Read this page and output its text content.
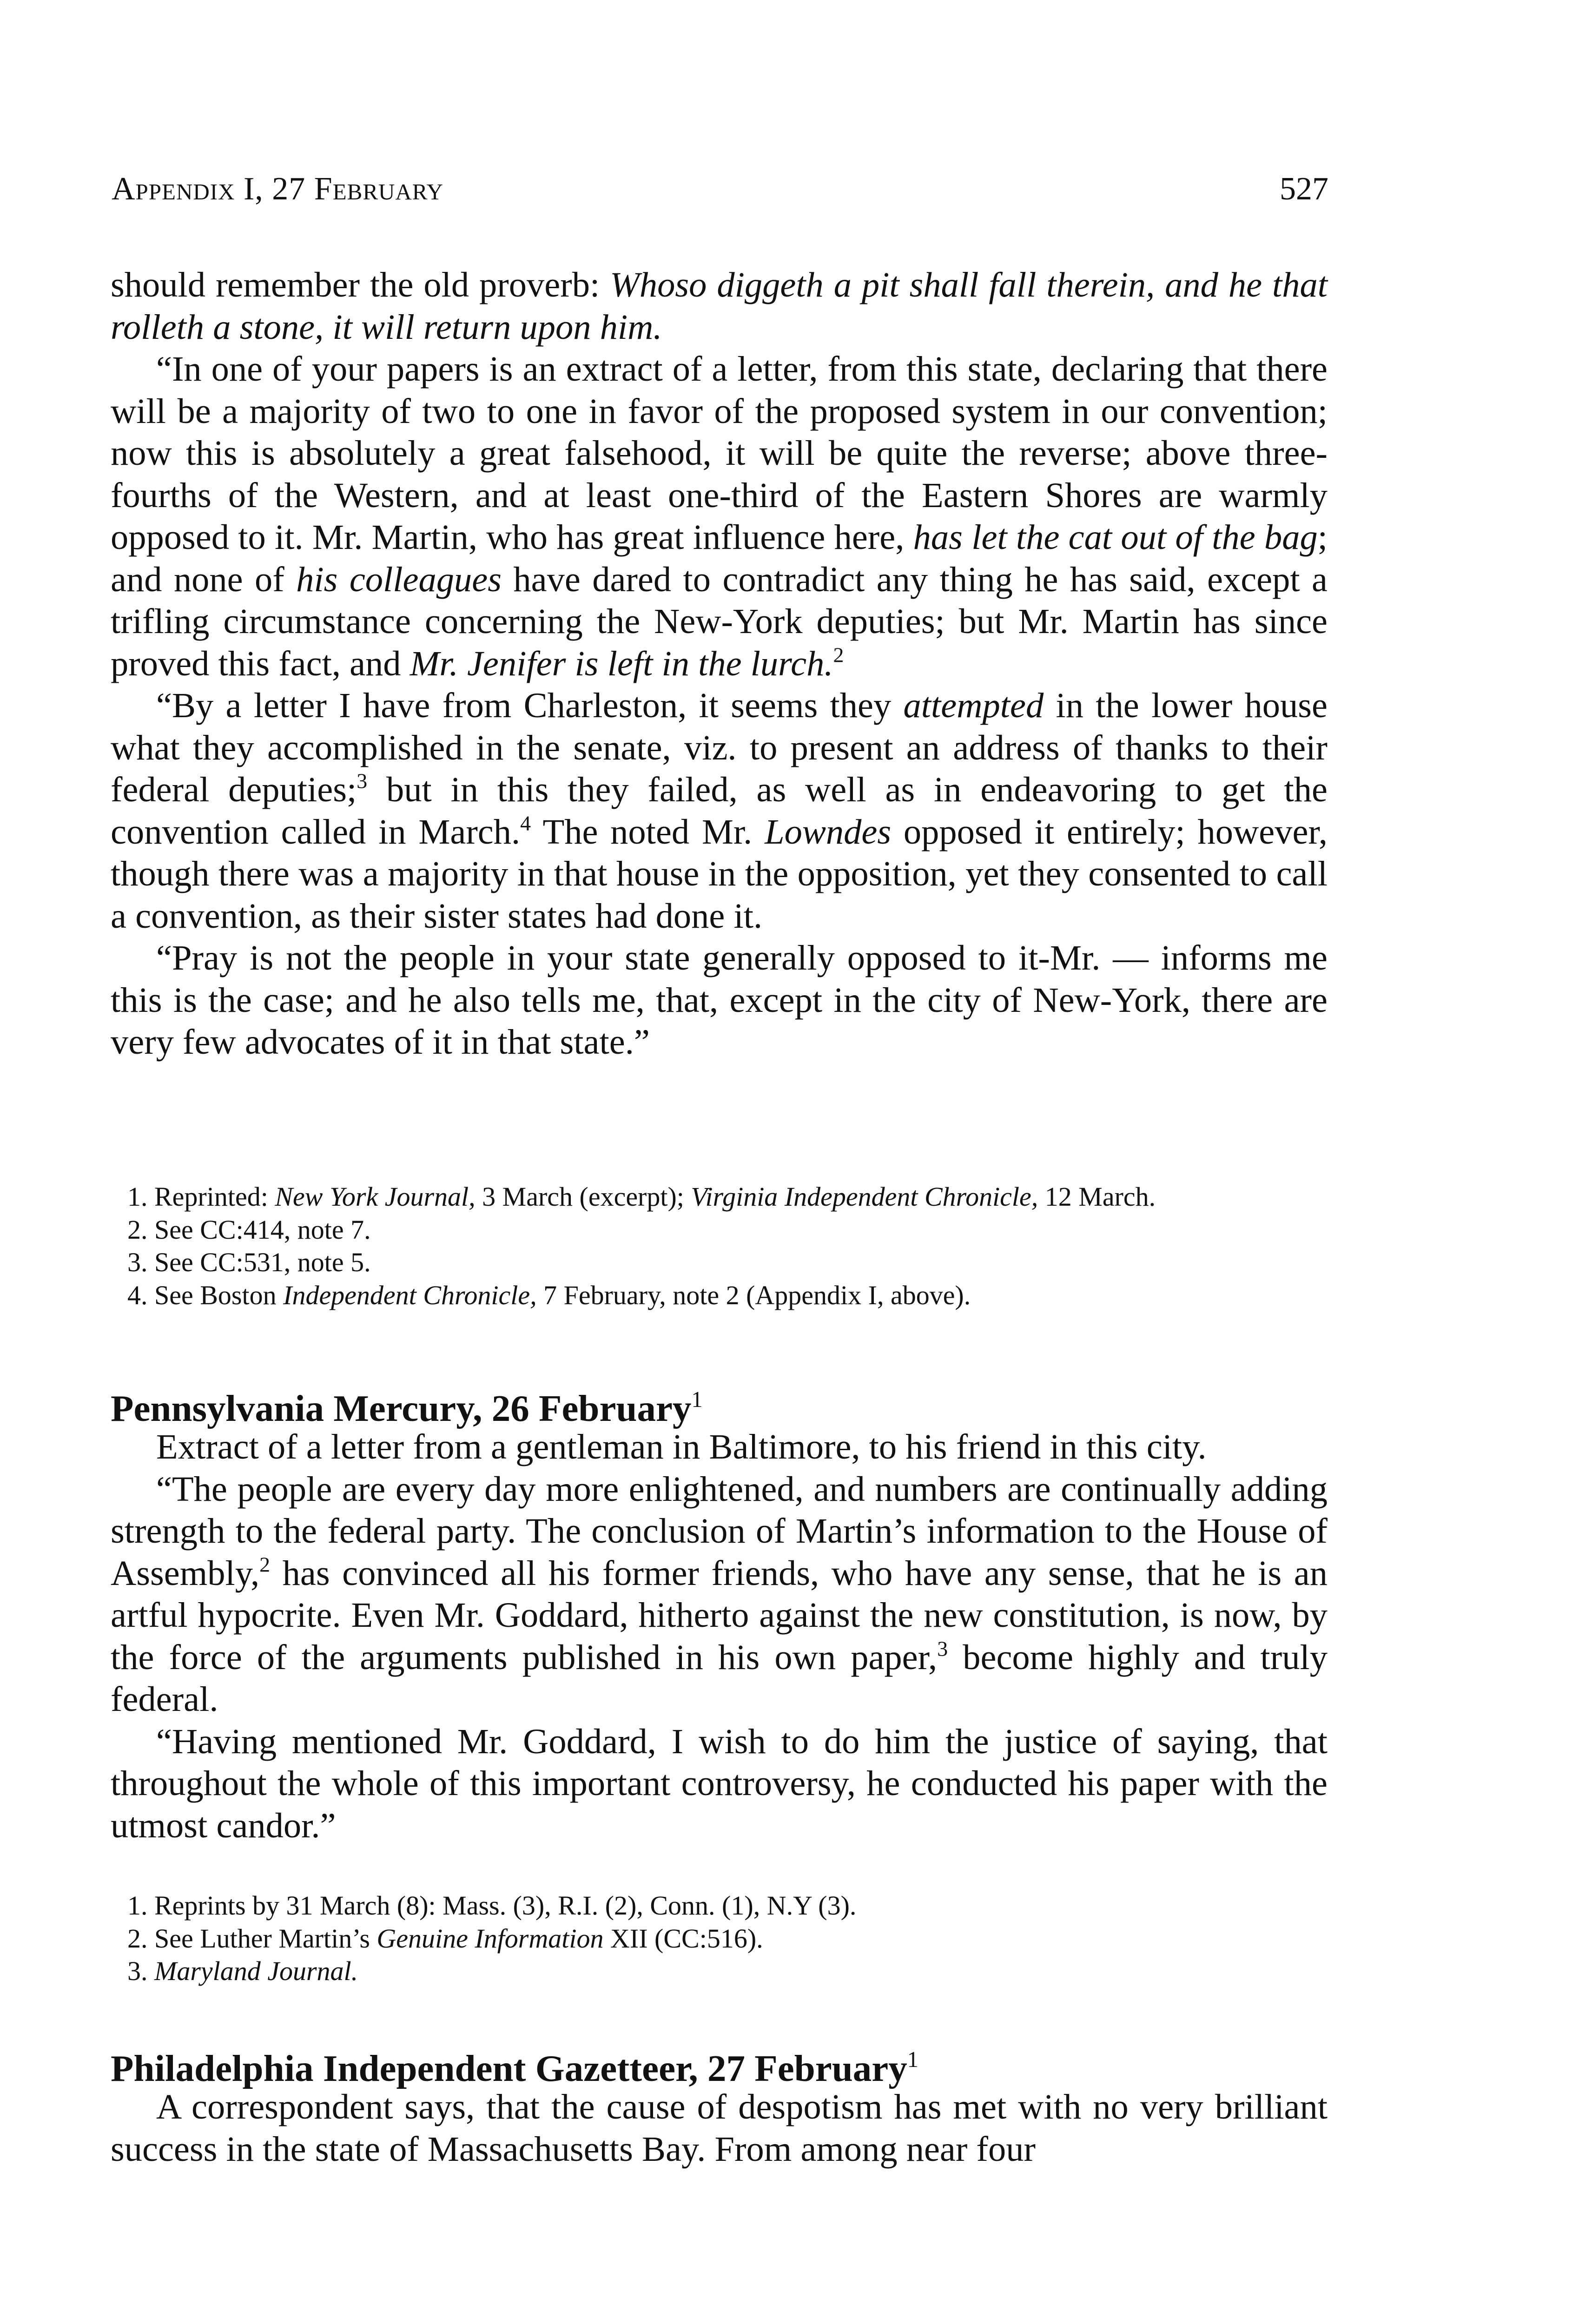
Appendix I, 27 February	527

should remember the old proverb: Whoso diggeth a pit shall fall therein, and he that rolleth a stone, it will return upon him.

“In one of your papers is an extract of a letter, from this state, declaring that there will be a majority of two to one in favor of the proposed system in our convention; now this is absolutely a great falsehood, it will be quite the reverse; above three-fourths of the Western, and at least one-third of the Eastern Shores are warmly opposed to it. Mr. Martin, who has great influence here, has let the cat out of the bag; and none of his colleagues have dared to contradict any thing he has said, except a trifling circumstance concerning the New-York deputies; but Mr. Martin has since proved this fact, and Mr. Jenifer is left in the lurch.$^2$

“By a letter I have from Charleston, it seems they attempted in the lower house what they accomplished in the senate, viz. to present an address of thanks to their federal deputies;$^3$ but in this they failed, as well as in endeavoring to get the convention called in March.$^4$ The noted Mr. Lowndes opposed it entirely; however, though there was a majority in that house in the opposition, yet they consented to call a convention, as their sister states had done it.

“Pray is not the people in your state generally opposed to it-Mr. — informs me this is the case; and he also tells me, that, except in the city of New-York, there are very few advocates of it in that state.”

1. Reprinted: New York Journal, 3 March (excerpt); Virginia Independent Chronicle, 12 March.

2. See CC:414, note 7.

3. See CC:531, note 5.

4. See Boston Independent Chronicle, 7 February, note 2 (Appendix I, above).

Pennsylvania Mercury, 26 February$^1$

Extract of a letter from a gentleman in Baltimore, to his friend in this city.

“The people are every day more enlightened, and numbers are continually adding strength to the federal party. The conclusion of Martin’s information to the House of Assembly,$^2$ has convinced all his former friends, who have any sense, that he is an artful hypocrite. Even Mr. Goddard, hitherto against the new constitution, is now, by the force of the arguments published in his own paper,$^3$ become highly and truly federal.

“Having mentioned Mr. Goddard, I wish to do him the justice of saying, that throughout the whole of this important controversy, he conducted his paper with the utmost candor.”

1. Reprints by 31 March (8): Mass. (3), R.I. (2), Conn. (1), N.Y (3).

2. See Luther Martin’s Genuine Information XII (CC:516).

3. Maryland Journal.

Philadelphia Independent Gazetteer, 27 February$^1$

A correspondent says, that the cause of despotism has met with no very brilliant success in the state of Massachusetts Bay. From among near four
